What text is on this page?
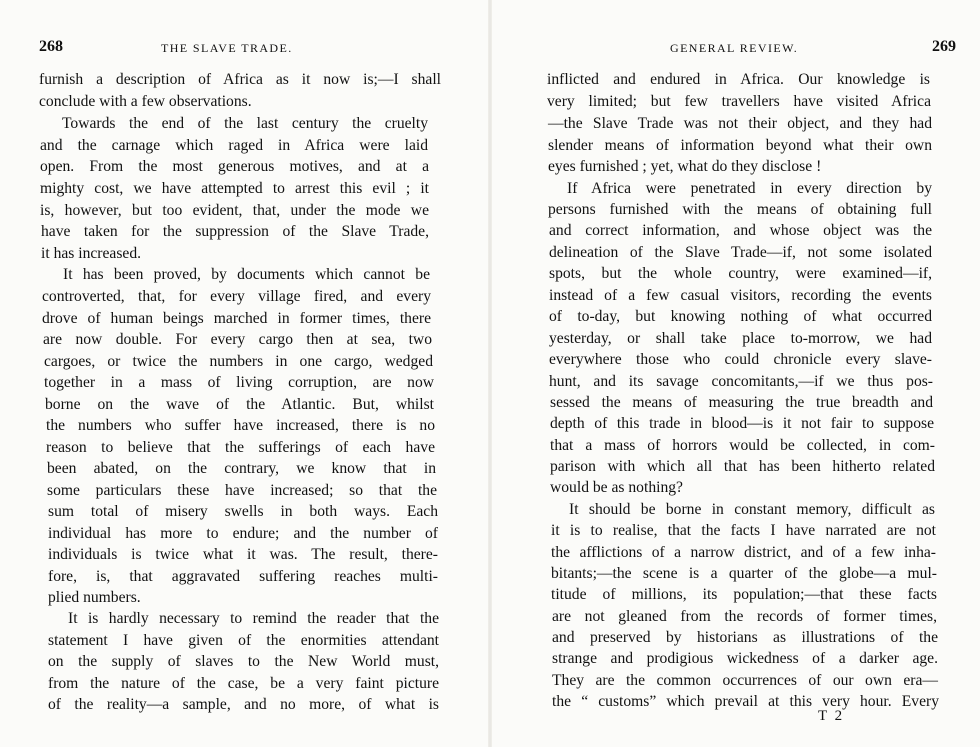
268	THE SLAVE TRADE.
furnish a description of Africa as it now is;—I shall
conclude with a few observations.
Towards the end of the last century the cruelty
and the carnage which raged in Africa were laid
open. From the most generous motives, and at a
mighty cost, we have attempted to arrest this evil ; it
is, however, but too evident, that, under the mode we
have taken for the suppression of the Slave Trade,
it has increased.
It has been proved, by documents which cannot be
controverted, that, for every village fired, and every
drove of human beings marched in former times, there
are now double. For every cargo then at sea, two
cargoes, or twice the numbers in one cargo, wedged
together in a mass of living corruption, are now
borne on the wave of the Atlantic. But, whilst
the numbers who suffer have increased, there is no
reason to believe that the sufferings of each have
been abated, on the contrary, we know that in
some particulars these have increased; so that the
sum total of misery swells in both ways. Each
individual has more to endure; and the number of
individuals is twice what it was. The result, there-
fore, is, that aggravated suffering reaches multi-
plied numbers.
It is hardly necessary to remind the reader that the
statement I have given of the enormities attendant
on the supply of slaves to the New World must,
from the nature of the case, be a very faint picture
of the reality—a sample, and no more, of what is
GENERAL REVIEW.	269
inflicted and endured in Africa. Our knowledge is
very limited; but few travellers have visited Africa
—the Slave Trade was not their object, and they had
slender means of information beyond what their own
eyes furnished ; yet, what do they disclose !
If Africa were penetrated in every direction by
persons furnished with the means of obtaining full
and correct information, and whose object was the
delineation of the Slave Trade—if, not some isolated
spots, but the whole country, were examined—if,
instead of a few casual visitors, recording the events
of to-day, but knowing nothing of what occurred
yesterday, or shall take place to-morrow, we had
everywhere those who could chronicle every slave-
hunt, and its savage concomitants,—if we thus pos-
sessed the means of measuring the true breadth and
depth of this trade in blood—is it not fair to suppose
that a mass of horrors would be collected, in com-
parison with which all that has been hitherto related
would be as nothing?
It should be borne in constant memory, difficult as
it is to realise, that the facts I have narrated are not
the afflictions of a narrow district, and of a few inha-
bitants;—the scene is a quarter of the globe—a mul-
titude of millions, its population;—that these facts
are not gleaned from the records of former times,
and preserved by historians as illustrations of the
strange and prodigious wickedness of a darker age.
They are the common occurrences of our own era—
the “ customs” which prevail at this very hour. Every
T 2
